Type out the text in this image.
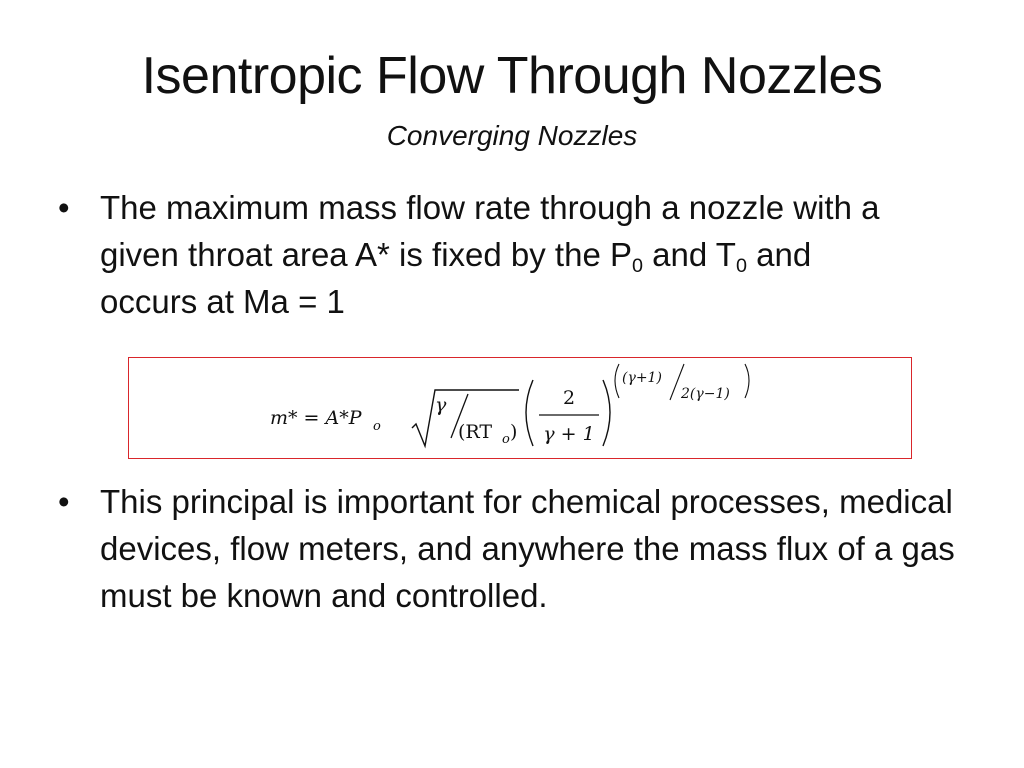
Isentropic Flow Through Nozzles
Converging Nozzles
• The maximum mass flow rate through a nozzle with a
given throat area A* is fixed by the $P_0$ and $T_0$ and
occurs at Ma = 1
m* = A*P o
γ
(RT o )
2
γ + 1
(γ+1)
2(γ−1)
• This principal is important for chemical processes, medical devices, flow meters, and anywhere the mass flux of a gas must be known and controlled.
